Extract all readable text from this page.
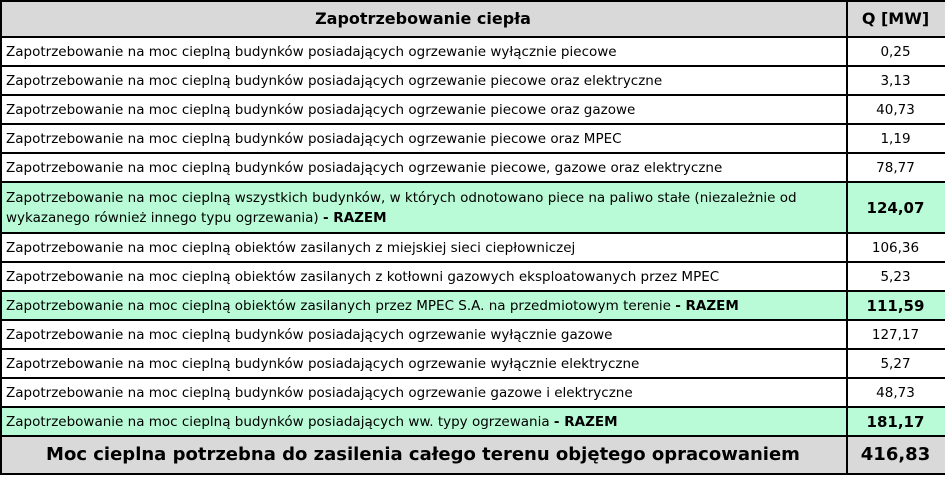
Zapotrzebowanie ciepła	Q [MW]
Zapotrzebowanie na moc cieplną budynków posiadających ogrzewanie wyłącznie piecowe	0,25
Zapotrzebowanie na moc cieplną budynków posiadających ogrzewanie piecowe oraz elektryczne	3,13
Zapotrzebowanie na moc cieplną budynków posiadających ogrzewanie piecowe oraz gazowe	40,73
Zapotrzebowanie na moc cieplną budynków posiadających ogrzewanie piecowe oraz MPEC	1,19
Zapotrzebowanie na moc cieplną budynków posiadających ogrzewanie piecowe, gazowe oraz elektryczne	78,77
Zapotrzebowanie na moc cieplną wszystkich budynków, w których odnotowano piece na paliwo stałe (niezależnie od wykazanego również innego typu ogrzewania) - RAZEM	124,07
Zapotrzebowanie na moc cieplną obiektów zasilanych z miejskiej sieci ciepłowniczej	106,36
Zapotrzebowanie na moc cieplną obiektów zasilanych z kotłowni gazowych eksploatowanych przez MPEC	5,23
Zapotrzebowanie na moc cieplną obiektów zasilanych przez MPEC S.A. na przedmiotowym terenie - RAZEM	111,59
Zapotrzebowanie na moc cieplną budynków posiadających ogrzewanie wyłącznie gazowe	127,17
Zapotrzebowanie na moc cieplną budynków posiadających ogrzewanie wyłącznie elektryczne	5,27
Zapotrzebowanie na moc cieplną budynków posiadających ogrzewanie gazowe i elektryczne	48,73
Zapotrzebowanie na moc cieplną budynków posiadających ww. typy ogrzewania - RAZEM	181,17
Moc cieplna potrzebna do zasilenia całego terenu objętego opracowaniem	416,83
